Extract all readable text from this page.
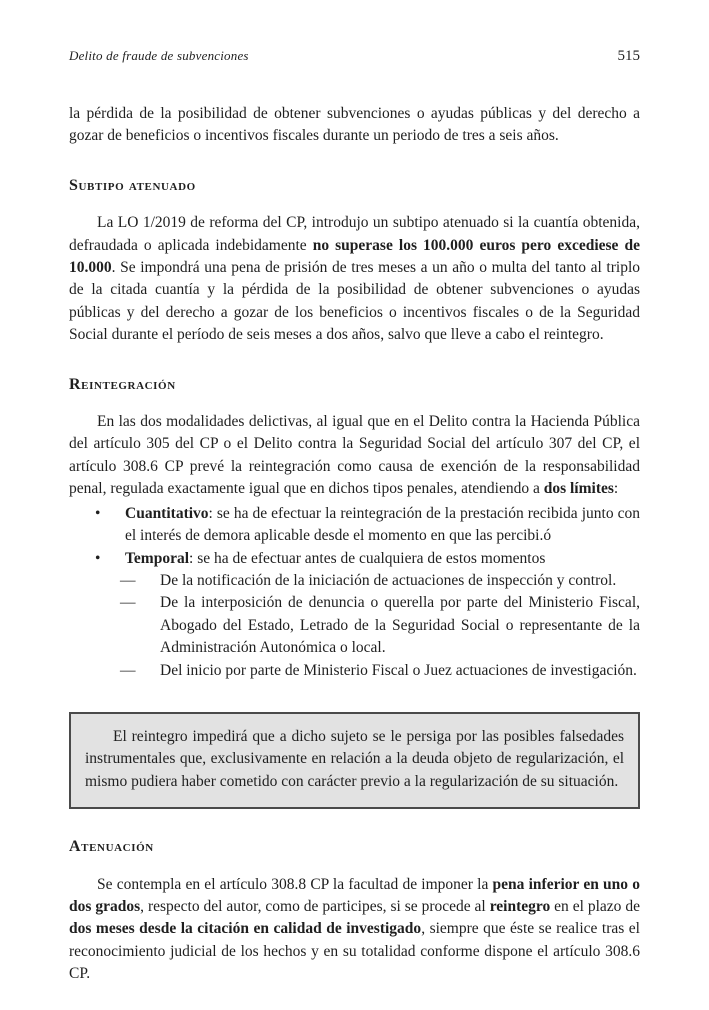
Delito de fraude de subvenciones	515

la pérdida de la posibilidad de obtener subvenciones o ayudas públicas y del derecho a gozar de beneficios o incentivos fiscales durante un periodo de tres a seis años.

Subtipo atenuado

La LO 1/2019 de reforma del CP, introdujo un subtipo atenuado si la cuantía obtenida, defraudada o aplicada indebidamente no superase los 100.000 euros pero excediese de 10.000. Se impondrá una pena de prisión de tres meses a un año o multa del tanto al triplo de la citada cuantía y la pérdida de la posibilidad de obtener subvenciones o ayudas públicas y del derecho a gozar de los beneficios o incentivos fiscales o de la Seguridad Social durante el período de seis meses a dos años, salvo que lleve a cabo el reintegro.

Reintegración

En las dos modalidades delictivas, al igual que en el Delito contra la Hacienda Pública del artículo 305 del CP o el Delito contra la Seguridad Social del artículo 307 del CP, el artículo 308.6 CP prevé la reintegración como causa de exención de la responsabilidad penal, regulada exactamente igual que en dichos tipos penales, atendiendo a dos límites:

•	Cuantitativo: se ha de efectuar la reintegración de la prestación recibida junto con el interés de demora aplicable desde el momento en que las percibi.ó
•	Temporal: se ha de efectuar antes de cualquiera de estos momentos
—	De la notificación de la iniciación de actuaciones de inspección y control.
—	De la interposición de denuncia o querella por parte del Ministerio Fiscal, Abogado del Estado, Letrado de la Seguridad Social o representante de la Administración Autonómica o local.
—	Del inicio por parte de Ministerio Fiscal o Juez actuaciones de investigación.

El reintegro impedirá que a dicho sujeto se le persiga por las posibles falsedades instrumentales que, exclusivamente en relación a la deuda objeto de regularización, el mismo pudiera haber cometido con carácter previo a la regularización de su situación.

Atenuación

Se contempla en el artículo 308.8 CP la facultad de imponer la pena inferior en uno o dos grados, respecto del autor, como de participes, si se procede al reintegro en el plazo de dos meses desde la citación en calidad de investigado, siempre que éste se realice tras el reconocimiento judicial de los hechos y en su totalidad conforme dispone el artículo 308.6 CP.
